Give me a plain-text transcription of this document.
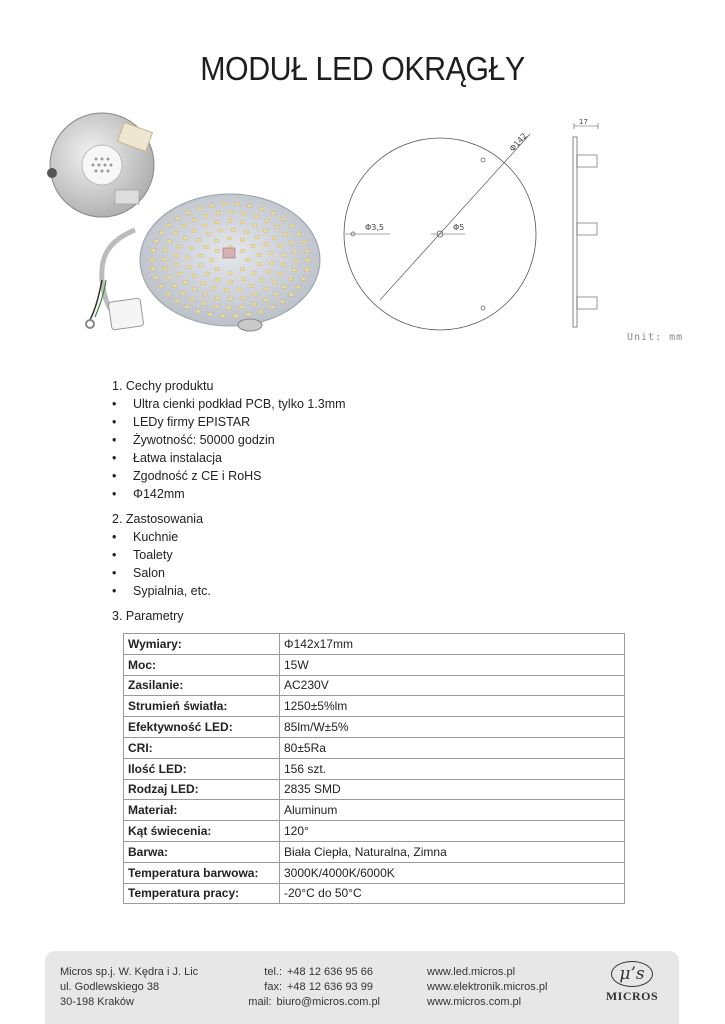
MODUŁ LED OKRĄGŁY
Φ3,5	Φ5
Φ142
17
Unit: mm
1. Cechy produktu
• Ultra cienki podkład PCB, tylko 1.3mm
• LEDy firmy EPISTAR
• Żywotność: 50000 godzin
• Łatwa instalacja
• Zgodność z CE i RoHS
• Φ142mm
2. Zastosowania
• Kuchnie
• Toalety
• Salon
• Sypialnia, etc.
3. Parametry
Wymiary:	Φ142x17mm
Moc:	15W
Zasilanie:	AC230V
Strumień światła:	1250±5%lm
Efektywność LED:	85lm/W±5%
CRI:	80±5Ra
Ilość LED:	156 szt.
Rodzaj LED:	2835 SMD
Materiał:	Aluminum
Kąt świecenia:	120°
Barwa:	Biała Ciepła, Naturalna, Zimna
Temperatura barwowa:	3000K/4000K/6000K
Temperatura pracy:	-20°C do 50°C
Micros sp.j. W. Kędra i J. Lic
ul. Godlewskiego 38
30-198 Kraków
tel.: +48 12 636 95 66
fax: +48 12 636 93 99
mail: biuro@micros.com.pl
www.led.micros.pl
www.elektronik.micros.pl
www.micros.com.pl
μ’s
MICROS
